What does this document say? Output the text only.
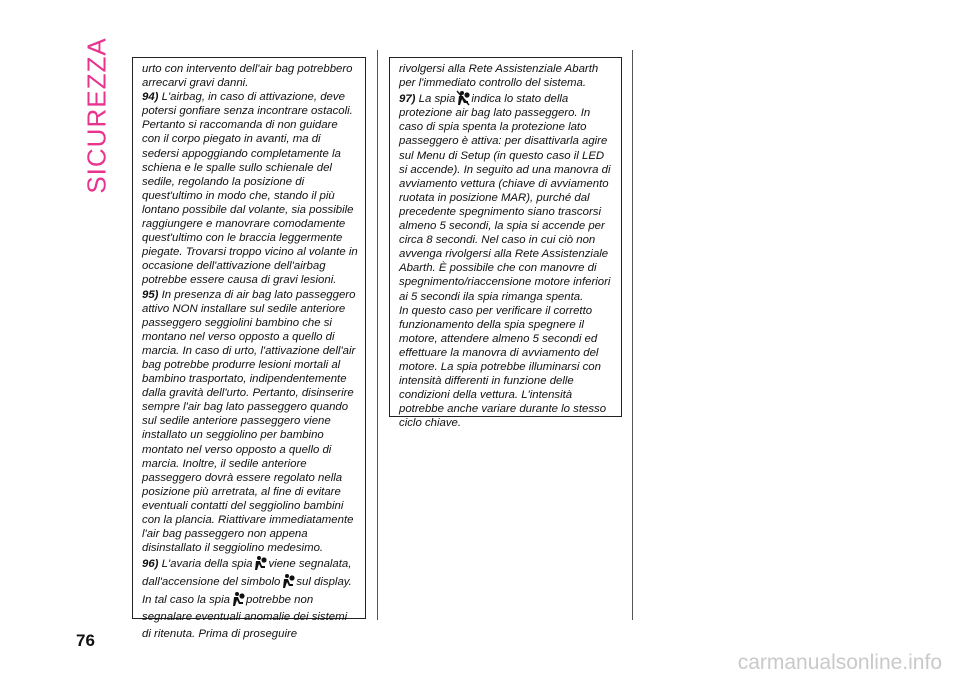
SICUREZZA	urto con intervento dell'air bag potrebbero arrecarvi gravi danni.

94) L'airbag, in caso di attivazione, deve potersi gonfiare senza incontrare ostacoli. Pertanto si raccomanda di non guidare con il corpo piegato in avanti, ma di sedersi appoggiando completamente la schiena e le spalle sullo schienale del sedile, regolando la posizione di quest'ultimo in modo che, stando il più lontano possibile dal volante, sia possibile raggiungere e manovrare comodamente quest'ultimo con le braccia leggermente piegate. Trovarsi troppo vicino al volante in occasione dell'attivazione dell'airbag potrebbe essere causa di gravi lesioni.

95) In presenza di air bag lato passeggero attivo NON installare sul sedile anteriore passeggero seggiolini bambino che si montano nel verso opposto a quello di marcia. In caso di urto, l'attivazione dell'air bag potrebbe produrre lesioni mortali al bambino trasportato, indipendentemente dalla gravità dell'urto. Pertanto, disinserire sempre l'air bag lato passeggero quando sul sedile anteriore passeggero viene installato un seggiolino per bambino montato nel verso opposto a quello di marcia. Inoltre, il sedile anteriore passeggero dovrà essere regolato nella posizione più arretrata, al fine di evitare eventuali contatti del seggiolino bambini con la plancia. Riattivare immediatamente l'air bag passeggero non appena disinstallato il seggiolino medesimo.

96) L'avaria della spia viene segnalata, dall'accensione del simbolo sul display. In tal caso la spia potrebbe non segnalare eventuali anomalie dei sistemi di ritenuta. Prima di proseguire

rivolgersi alla Rete Assistenziale Abarth per l'immediato controllo del sistema.

97) La spia indica lo stato della protezione air bag lato passeggero. In caso di spia spenta la protezione lato passeggero è attiva: per disattivarla agire sul Menu di Setup (in questo caso il LED si accende). In seguito ad una manovra di avviamento vettura (chiave di avviamento ruotata in posizione MAR), purché dal precedente spegnimento siano trascorsi almeno 5 secondi, la spia si accende per circa 8 secondi. Nel caso in cui ciò non avvenga rivolgersi alla Rete Assistenziale Abarth. È possibile che con manovre di spegnimento/riaccensione motore inferiori ai 5 secondi ila spia rimanga spenta.

In questo caso per verificare il corretto funzionamento della spia spegnere il motore, attendere almeno 5 secondi ed effettuare la manovra di avviamento del motore. La spia potrebbe illuminarsi con intensità differenti in funzione delle condizioni della vettura. L'intensità potrebbe anche variare durante lo stesso ciclo chiave.

76
carmanualsonline.info
